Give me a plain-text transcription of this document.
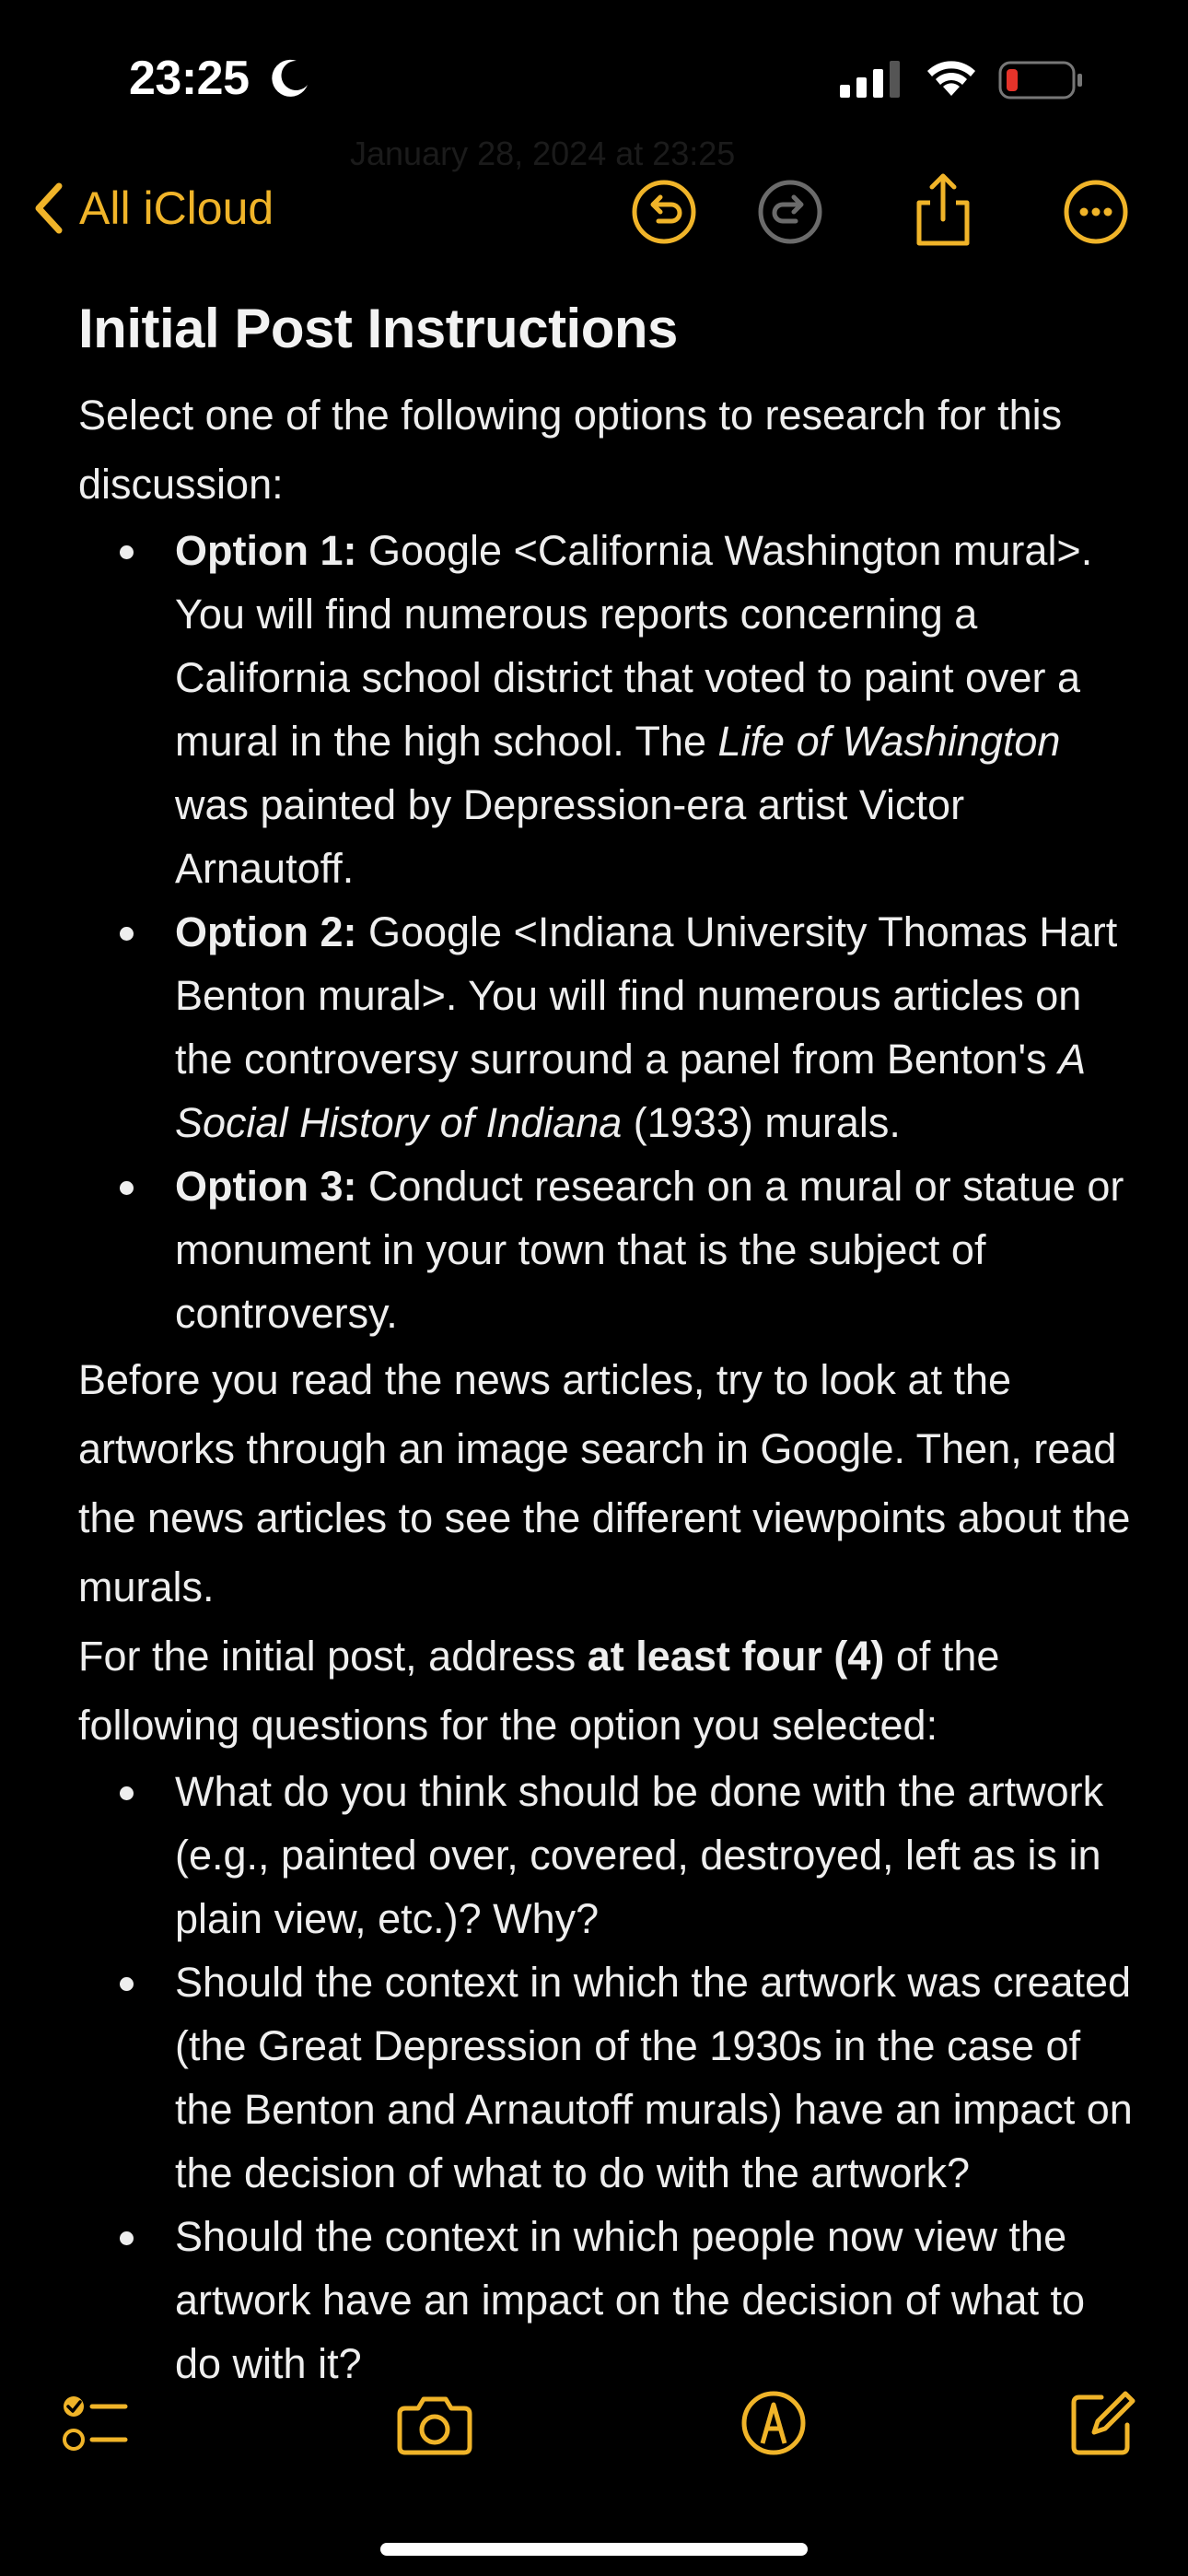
23:25
January 28, 2024 at 23:25
All iCloud
Initial Post Instructions

Select one of the following options to research for this discussion:

Option 1: Google <California Washington mural>. You will find numerous reports concerning a California school district that voted to paint over a mural in the high school. The Life of Washington was painted by Depression-era artist Victor Arnautoff.
Option 2: Google <Indiana University Thomas Hart Benton mural>. You will find numerous articles on the controversy surround a panel from Benton's A Social History of Indiana (1933) murals.
Option 3: Conduct research on a mural or statue or monument in your town that is the subject of controversy.

Before you read the news articles, try to look at the artworks through an image search in Google. Then, read the news articles to see the different viewpoints about the murals.

For the initial post, address at least four (4) of the following questions for the option you selected:

What do you think should be done with the artwork (e.g., painted over, covered, destroyed, left as is in plain view, etc.)? Why?
Should the context in which the artwork was created (the Great Depression of the 1930s in the case of the Benton and Arnautoff murals) have an impact on the decision of what to do with the artwork?
Should the context in which people now view the artwork have an impact on the decision of what to do with it?
